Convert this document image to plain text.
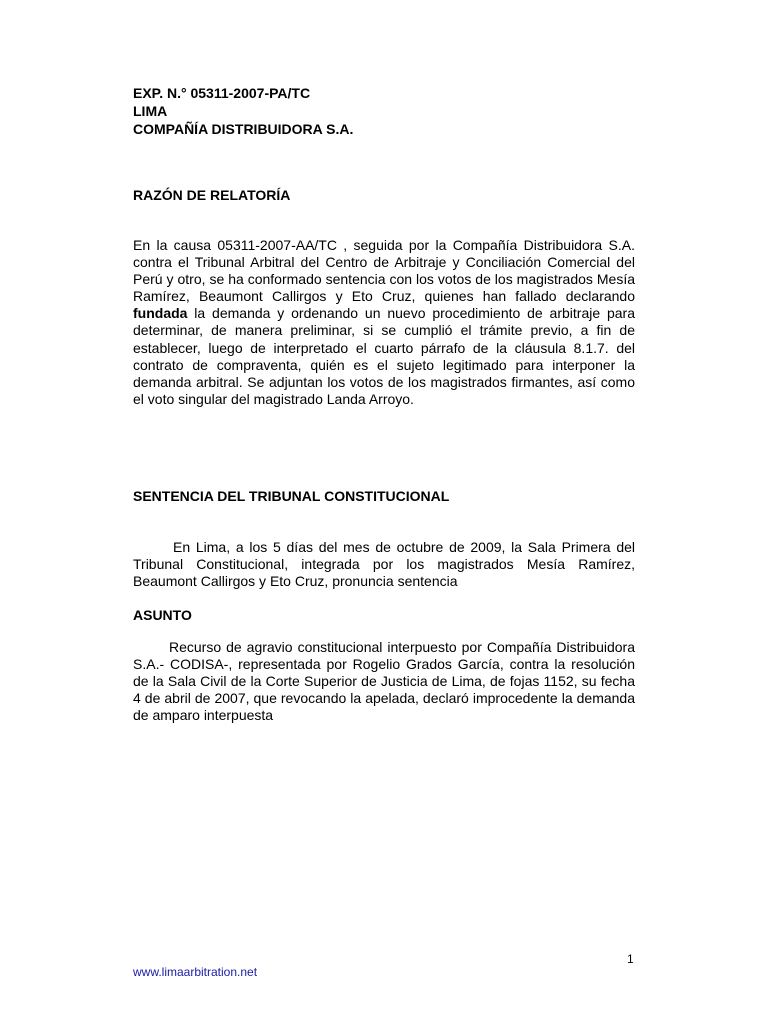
EXP. N.° 05311-2007-PA/TC
LIMA
COMPAÑÍA DISTRIBUIDORA S.A.
RAZÓN DE RELATORÍA
En la causa 05311-2007-AA/TC , seguida por la Compañía Distribuidora S.A. contra el Tribunal Arbitral del Centro de Arbitraje y Conciliación Comercial del Perú y otro, se ha conformado sentencia con los votos de los magistrados Mesía Ramírez, Beaumont Callirgos y Eto Cruz, quienes han fallado declarando fundada la demanda y ordenando un nuevo procedimiento de arbitraje para determinar, de manera preliminar, si se cumplió el trámite previo, a fin de establecer, luego de interpretado el cuarto párrafo de la cláusula 8.1.7. del contrato de compraventa, quién es el sujeto legitimado para interponer la demanda arbitral. Se adjuntan los votos de los magistrados firmantes, así como el voto singular del magistrado Landa Arroyo.
SENTENCIA DEL TRIBUNAL CONSTITUCIONAL
En Lima, a los 5 días del mes de octubre de 2009, la Sala Primera del Tribunal Constitucional, integrada por los magistrados Mesía Ramírez, Beaumont Callirgos y Eto Cruz, pronuncia sentencia
ASUNTO
Recurso de agravio constitucional interpuesto por Compañía Distribuidora S.A.- CODISA-, representada por Rogelio Grados García, contra la resolución de la Sala Civil de la Corte Superior de Justicia de Lima, de fojas 1152, su fecha 4 de abril de 2007, que revocando la apelada, declaró improcedente la demanda de amparo interpuesta
1
www.limaarbitration.net
